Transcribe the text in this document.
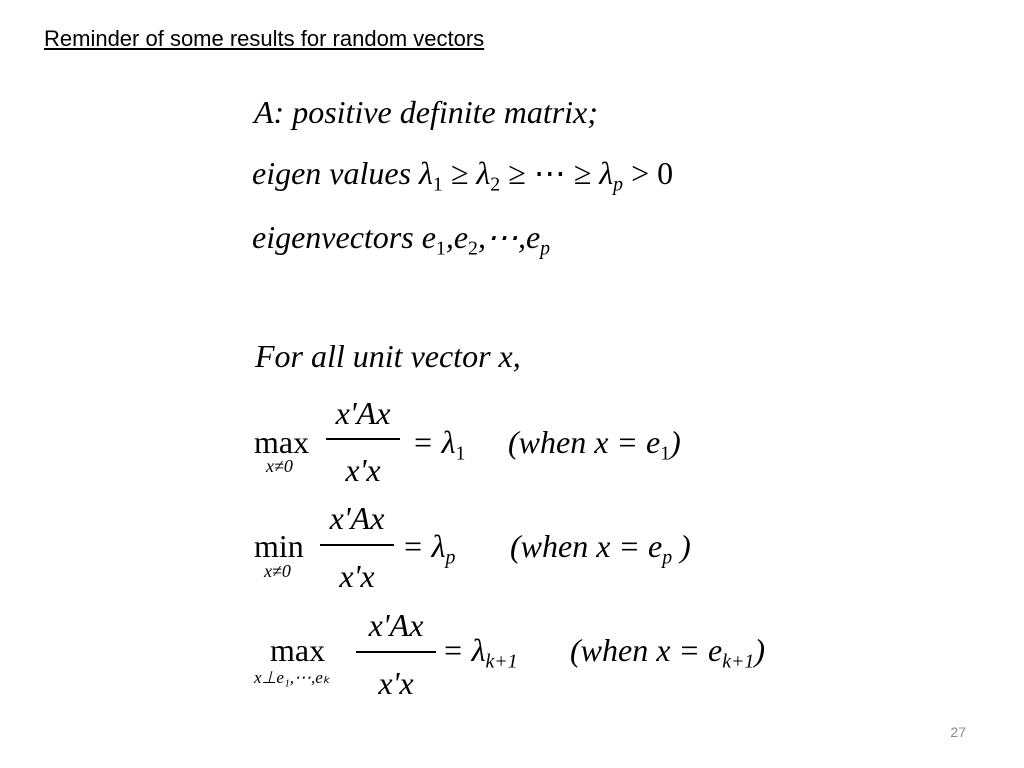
Reminder of some results for random vectors
A: positive definite matrix;
eigen values $\lambda_1 \ge \lambda_2$ ≥ ⋯ ≥ $\lambda_p > 0$
eigenvectors $e_1,e_2,\cdots,e_p$
For all unit vector x,
max
x≠0
x'Ax
x'x
= $\lambda_1$ (when $x = e_1$)
min
x≠0
x'Ax
x'x
= $\lambda_p$ (when $x = e_p$ )
max
x⊥e₁,⋯,eₖ
x'Ax
x'x
= $\lambda_{k+1}$ (when $x = e_{k+1}$)
27
